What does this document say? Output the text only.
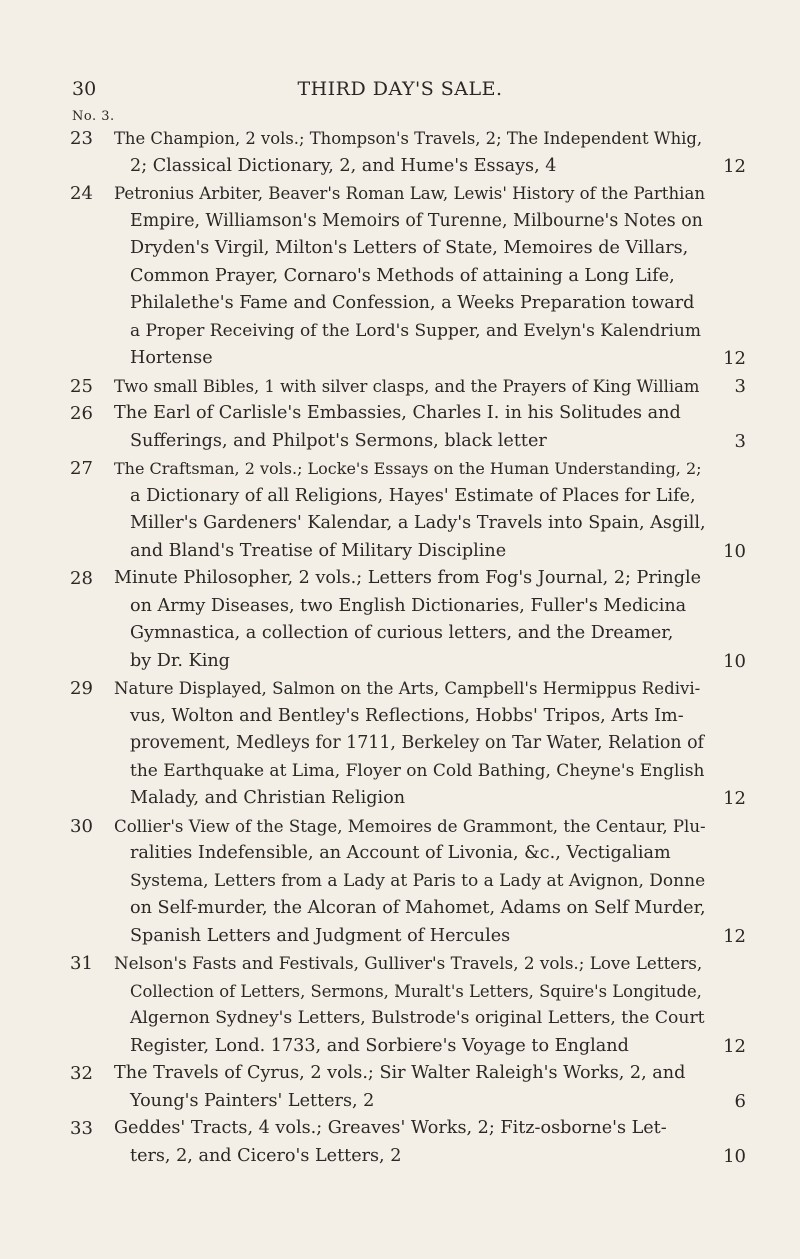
30	THIRD DAY'S SALE.
No. 3.
23	The Champion, 2 vols.; Thompson's Travels, 2; The Independent Whig,
2; Classical Dictionary, 2, and Hume's Essays, 4	12
24	Petronius Arbiter, Beaver's Roman Law, Lewis' History of the Parthian
Empire, Williamson's Memoirs of Turenne, Milbourne's Notes on
Dryden's Virgil, Milton's Letters of State, Memoires de Villars,
Common Prayer, Cornaro's Methods of attaining a Long Life,
Philalethe's Fame and Confession, a Weeks Preparation toward
a Proper Receiving of the Lord's Supper, and Evelyn's Kalendrium
Hortense	12
25	Two small Bibles, 1 with silver clasps, and the Prayers of King William	3
26	The Earl of Carlisle's Embassies, Charles I. in his Solitudes and
Sufferings, and Philpot's Sermons, black letter	3
27	The Craftsman, 2 vols.; Locke's Essays on the Human Understanding, 2;
a Dictionary of all Religions, Hayes' Estimate of Places for Life,
Miller's Gardeners' Kalendar, a Lady's Travels into Spain, Asgill,
and Bland's Treatise of Military Discipline	10
28	Minute Philosopher, 2 vols.; Letters from Fog's Journal, 2; Pringle
on Army Diseases, two English Dictionaries, Fuller's Medicina
Gymnastica, a collection of curious letters, and the Dreamer,
by Dr. King	10
29	Nature Displayed, Salmon on the Arts, Campbell's Hermippus Redivi-
vus, Wolton and Bentley's Reflections, Hobbs' Tripos, Arts Im-
provement, Medleys for 1711, Berkeley on Tar Water, Relation of
the Earthquake at Lima, Floyer on Cold Bathing, Cheyne's English
Malady, and Christian Religion	12
30	Collier's View of the Stage, Memoires de Grammont, the Centaur, Plu-
ralities Indefensible, an Account of Livonia, &c., Vectigaliam
Systema, Letters from a Lady at Paris to a Lady at Avignon, Donne
on Self-murder, the Alcoran of Mahomet, Adams on Self Murder,
Spanish Letters and Judgment of Hercules	12
31	Nelson's Fasts and Festivals, Gulliver's Travels, 2 vols.; Love Letters,
Collection of Letters, Sermons, Muralt's Letters, Squire's Longitude,
Algernon Sydney's Letters, Bulstrode's original Letters, the Court
Register, Lond. 1733, and Sorbiere's Voyage to England	12
32	The Travels of Cyrus, 2 vols.; Sir Walter Raleigh's Works, 2, and
Young's Painters' Letters, 2	6
33	Geddes' Tracts, 4 vols.; Greaves' Works, 2; Fitz-osborne's Let-
ters, 2, and Cicero's Letters, 2	10
